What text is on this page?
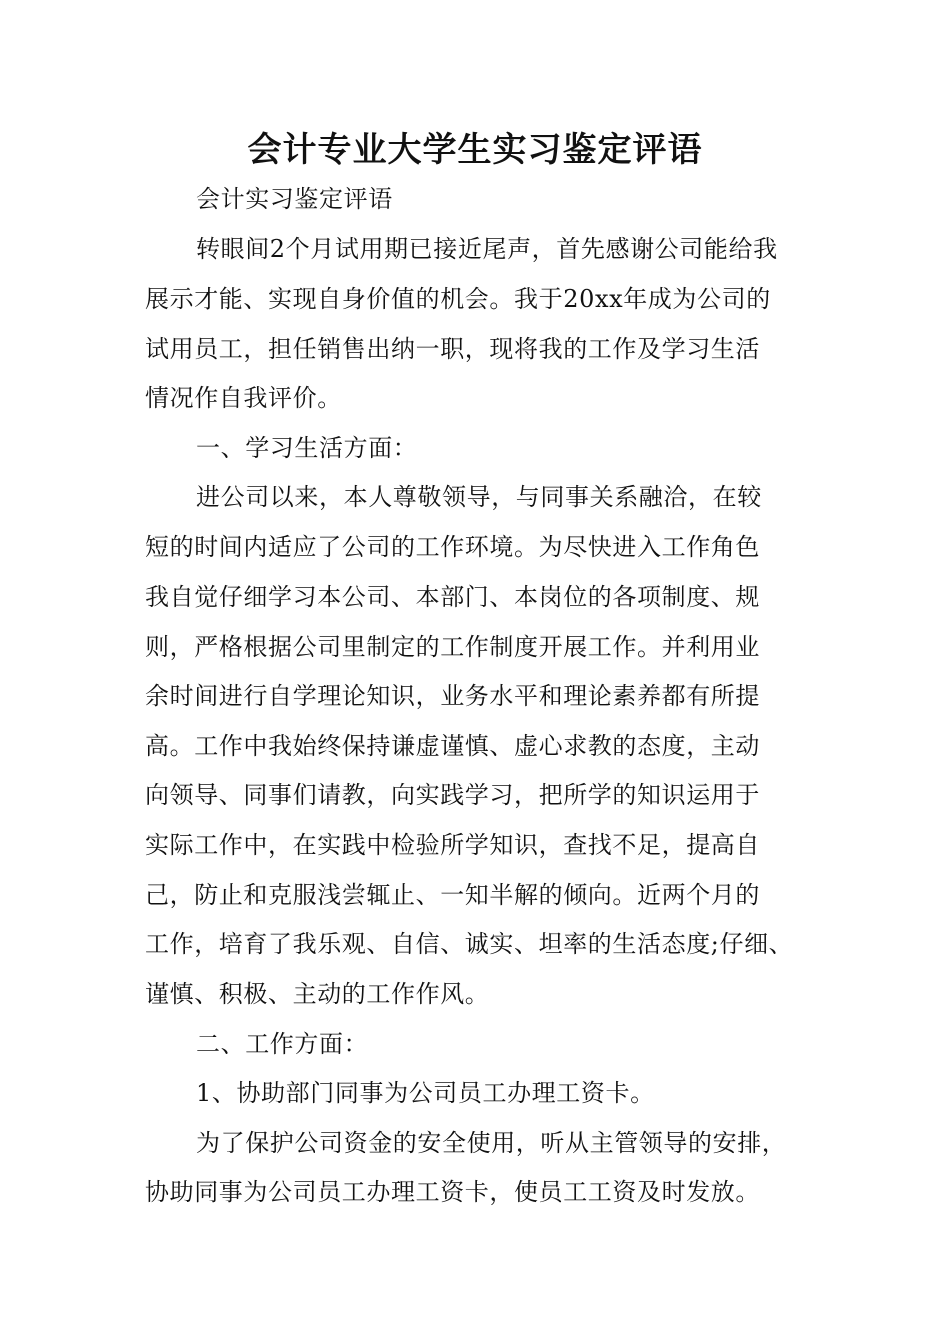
会计专业大学生实习鉴定评语
会计实习鉴定评语
转眼间2个月试用期已接近尾声，首先感谢公司能给我
展示才能、实现自身价值的机会。我于20xx年成为公司的
试用员工，担任销售出纳一职，现将我的工作及学习生活
情况作自我评价。
一、学习生活方面：
进公司以来，本人尊敬领导，与同事关系融洽，在较
短的时间内适应了公司的工作环境。为尽快进入工作角色
我自觉仔细学习本公司、本部门、本岗位的各项制度、规
则，严格根据公司里制定的工作制度开展工作。并利用业
余时间进行自学理论知识，业务水平和理论素养都有所提
高。工作中我始终保持谦虚谨慎、虚心求教的态度，主动
向领导、同事们请教，向实践学习，把所学的知识运用于
实际工作中，在实践中检验所学知识，查找不足，提高自
己，防止和克服浅尝辄止、一知半解的倾向。近两个月的
工作，培育了我乐观、自信、诚实、坦率的生活态度;仔细、
谨慎、积极、主动的工作作风。
二、工作方面：
1、协助部门同事为公司员工办理工资卡。
为了保护公司资金的安全使用，听从主管领导的安排，
协助同事为公司员工办理工资卡，使员工工资及时发放。
